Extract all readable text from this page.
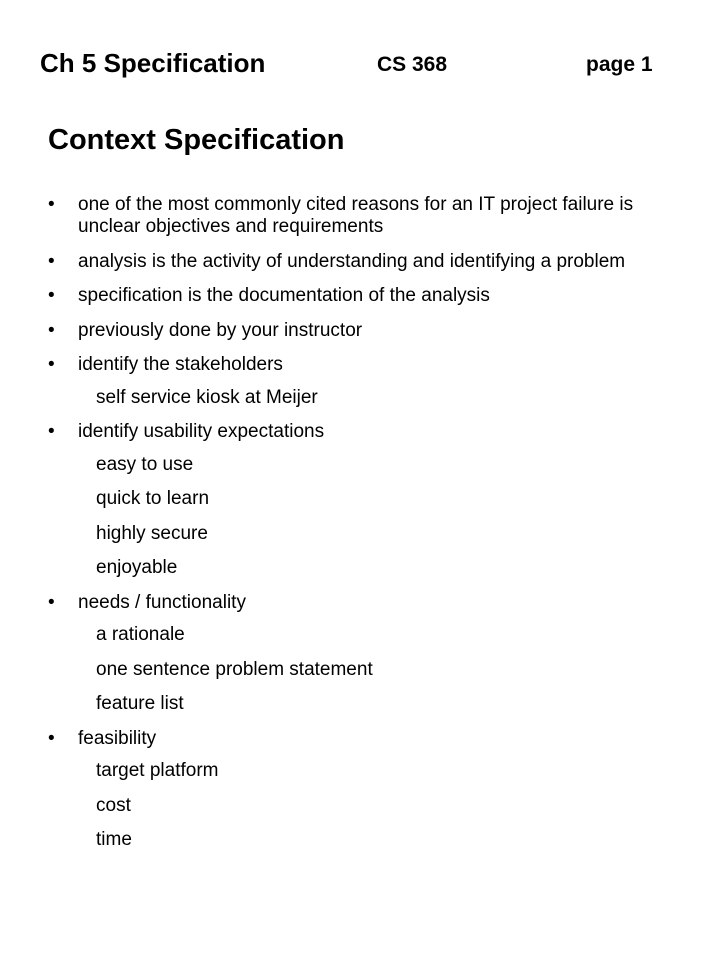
Ch 5 Specification	CS 368	page 1
Context Specification
• one of the most commonly cited reasons for an IT project failure is unclear objectives and requirements
• analysis is the activity of understanding and identifying a problem
• specification is the documentation of the analysis
• previously done by your instructor
• identify the stakeholders
self service kiosk at Meijer
• identify usability expectations
easy to use
quick to learn
highly secure
enjoyable
• needs / functionality
a rationale
one sentence problem statement
feature list
• feasibility
target platform
cost
time
